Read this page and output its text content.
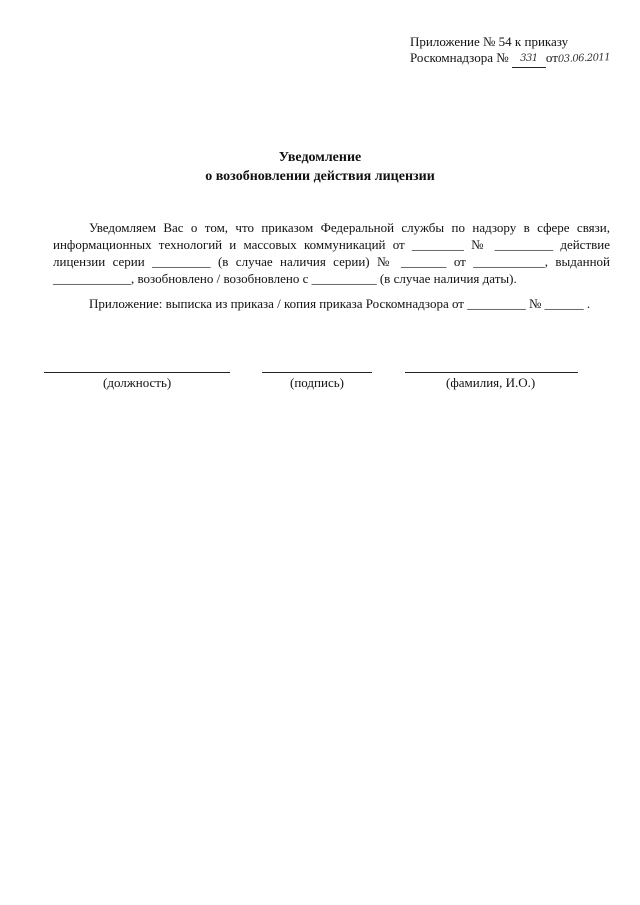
Приложение № 54 к приказу
Роскомнадзора № 331 от03.06.2011
Уведомление
о возобновлении действия лицензии

Уведомляем Вас о том, что приказом Федеральной службы по надзору в сфере связи, информационных технологий и массовых коммуникаций от ________ № _________ действие лицензии серии _________ (в случае наличия серии) № _______ от ___________, выданной ____________, возобновлено / возобновлено с __________ (в случае наличия даты).

Приложение: выписка из приказа / копия приказа Роскомнадзора от _________ № ______ .
(должность)	(подпись)	(фамилия, И.О.)
